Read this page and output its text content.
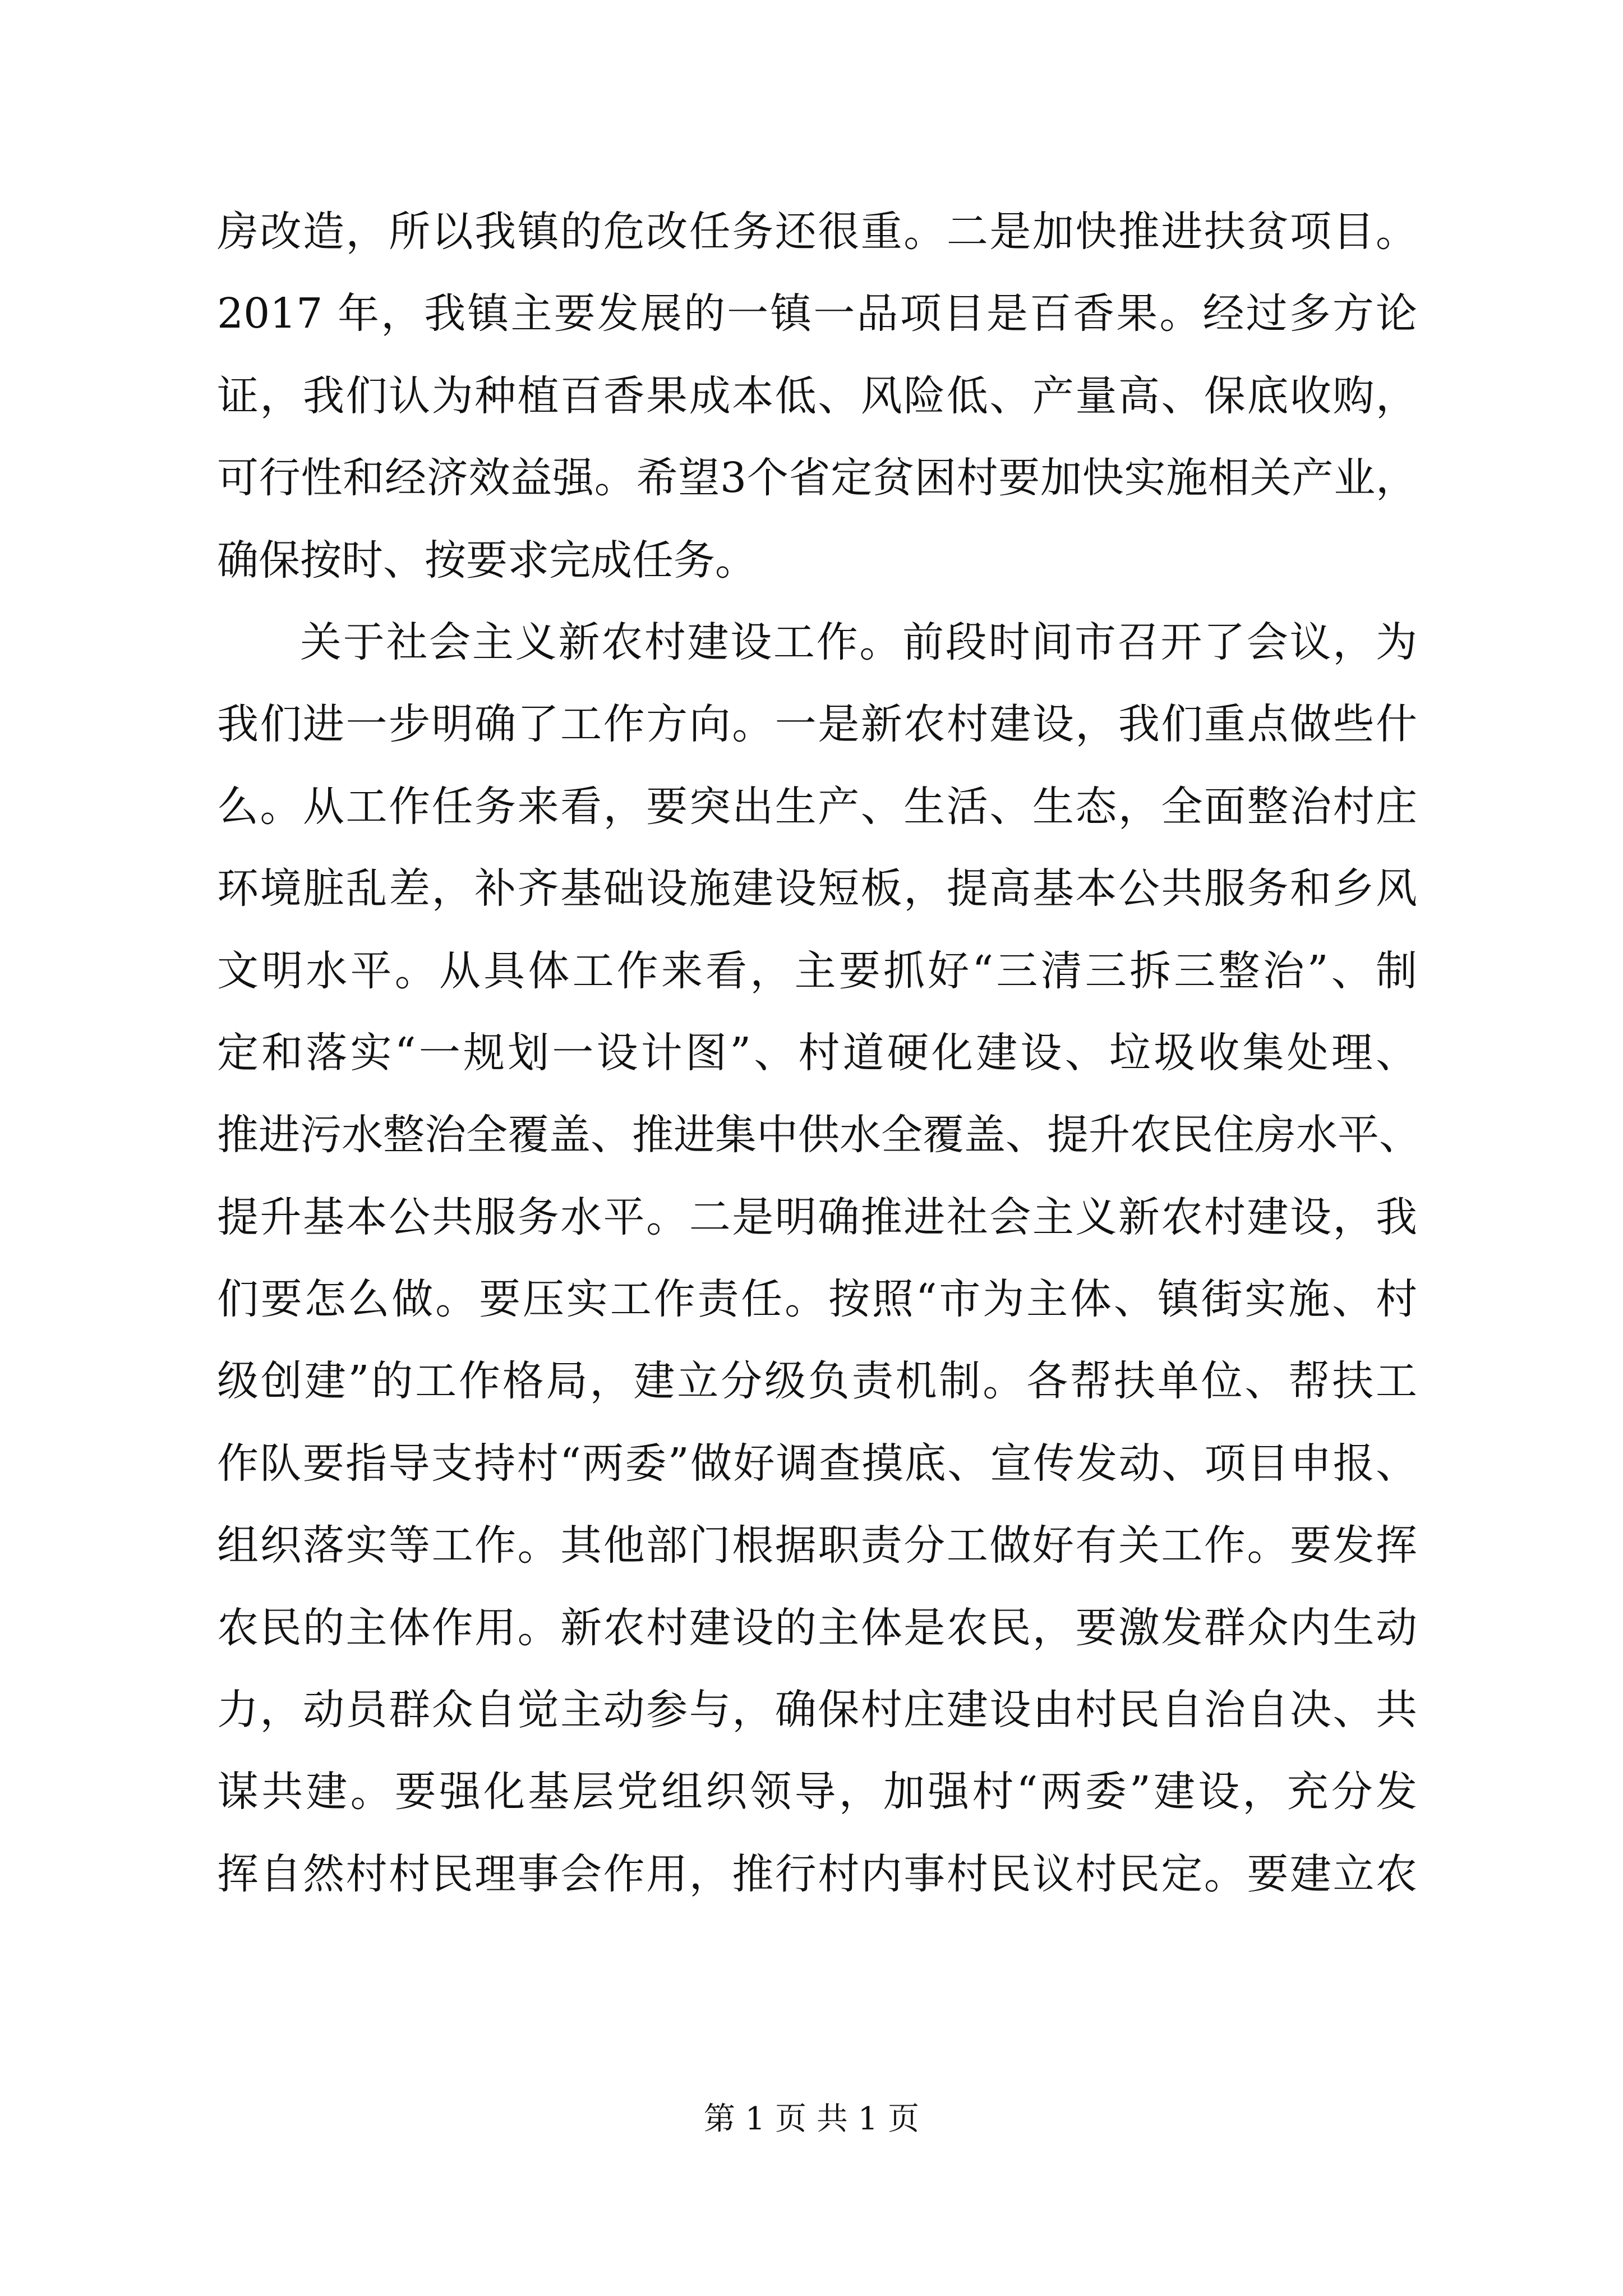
房改造，所以我镇的危改任务还很重。二是加快推进扶贫项目。
2017 年，我镇主要发展的一镇一品项目是百香果。经过多方论
证，我们认为种植百香果成本低、风险低、产量高、保底收购，
可行性和经济效益强。希望3个省定贫困村要加快实施相关产业，
确保按时、按要求完成任务。
关于社会主义新农村建设工作。前段时间市召开了会议，为
我们进一步明确了工作方向。一是新农村建设，我们重点做些什
么。从工作任务来看，要突出生产、生活、生态，全面整治村庄
环境脏乱差，补齐基础设施建设短板，提高基本公共服务和乡风
文明水平。从具体工作来看，主要抓好“三清三拆三整治”、制
定和落实“一规划一设计图”、村道硬化建设、垃圾收集处理、
推进污水整治全覆盖、推进集中供水全覆盖、提升农民住房水平、
提升基本公共服务水平。二是明确推进社会主义新农村建设，我
们要怎么做。要压实工作责任。按照“市为主体、镇街实施、村
级创建”的工作格局，建立分级负责机制。各帮扶单位、帮扶工
作队要指导支持村“两委”做好调查摸底、宣传发动、项目申报、
组织落实等工作。其他部门根据职责分工做好有关工作。要发挥
农民的主体作用。新农村建设的主体是农民，要激发群众内生动
力，动员群众自觉主动参与，确保村庄建设由村民自治自决、共
谋共建。要强化基层党组织领导，加强村“两委”建设，充分发
挥自然村村民理事会作用，推行村内事村民议村民定。要建立农
第 1 页 共 1 页
